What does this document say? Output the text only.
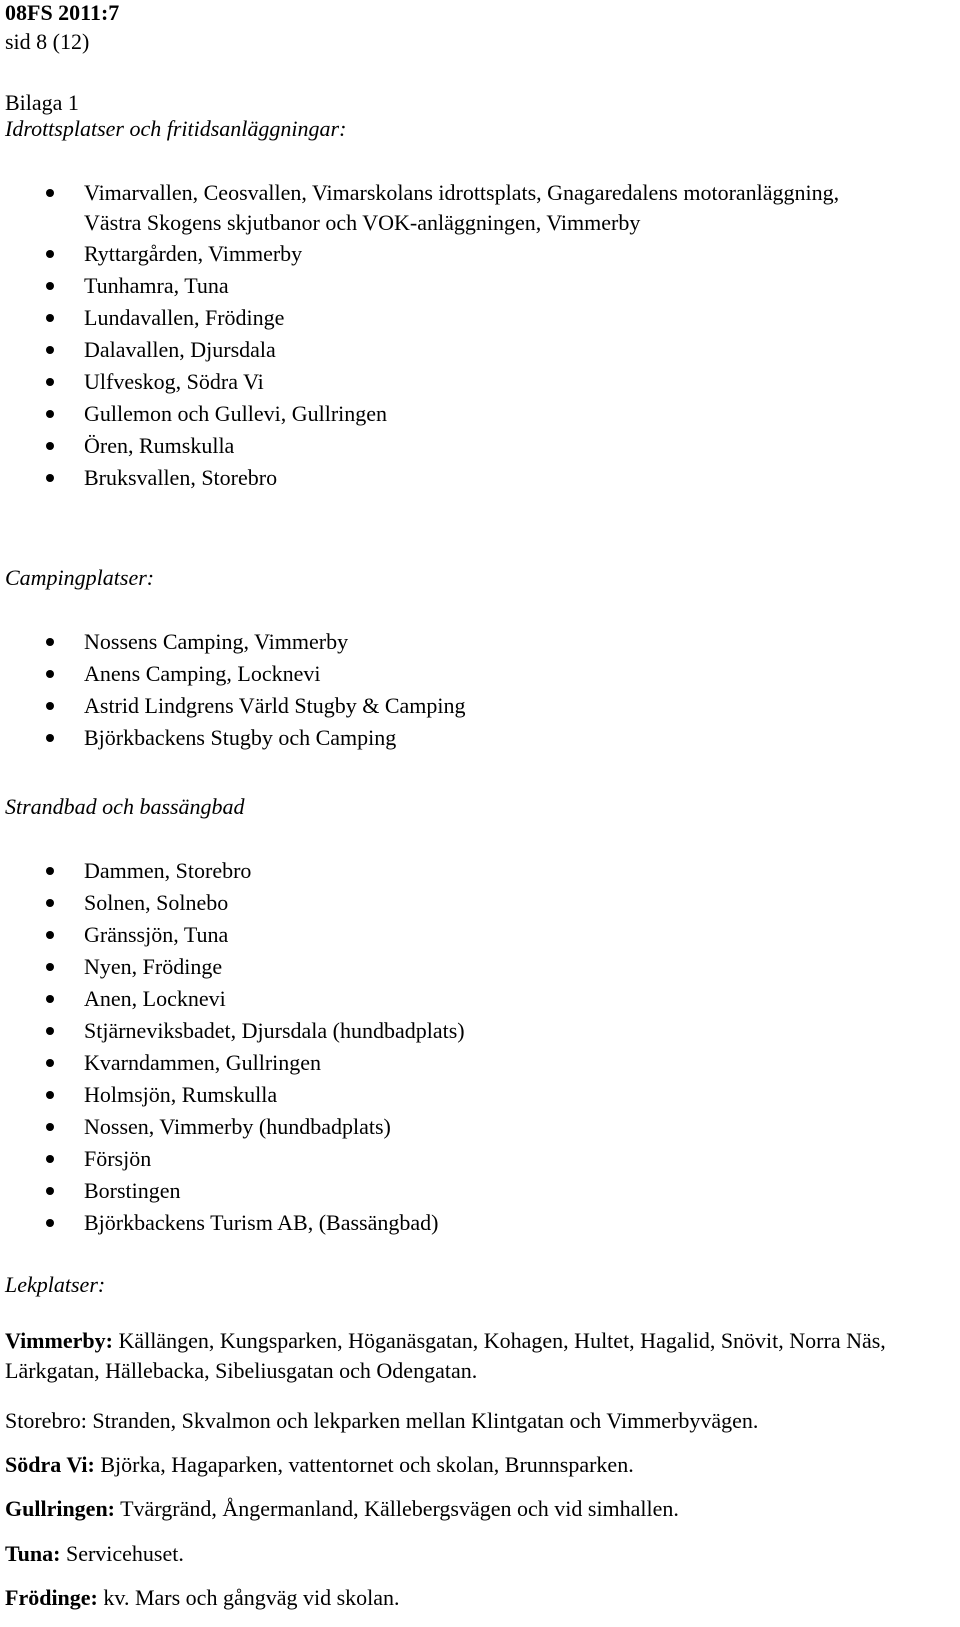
08FS 2011:7
sid 8 (12)
Bilaga 1
Idrottsplatser och fritidsanläggningar:
Vimarvallen, Ceosvallen, Vimarskolans idrottsplats, Gnagaredalens motoranläggning, Västra Skogens skjutbanor och VOK-anläggningen, Vimmerby
Ryttargården, Vimmerby
Tunhamra, Tuna
Lundavallen, Frödinge
Dalavallen, Djursdala
Ulfveskog, Södra Vi
Gullemon och Gullevi, Gullringen
Ören, Rumskulla
Bruksvallen, Storebro
Campingplatser:
Nossens Camping, Vimmerby
Anens Camping, Locknevi
Astrid Lindgrens Värld Stugby & Camping
Björkbackens Stugby och Camping
Strandbad och bassängbad
Dammen, Storebro
Solnen, Solnebo
Gränssjön, Tuna
Nyen, Frödinge
Anen, Locknevi
Stjärneviksbadet, Djursdala (hundbadplats)
Kvarndammen, Gullringen
Holmsjön, Rumskulla
Nossen, Vimmerby (hundbadplats)
Försjön
Borstingen
Björkbackens Turism AB, (Bassängbad)
Lekplatser:
Vimmerby: Källängen, Kungsparken, Höganäsgatan, Kohagen, Hultet, Hagalid, Snövit, Norra Näs, Lärkgatan, Hällebacka, Sibeliusgatan och Odengatan.
Storebro: Stranden, Skvalmon och lekparken mellan Klintgatan och Vimmerbyvägen.
Södra Vi: Björka, Hagaparken, vattentornet och skolan, Brunnsparken.
Gullringen: Tvärgränd, Ångermanland, Källebergsvägen och vid simhallen.
Tuna: Servicehuset.
Frödinge: kv. Mars och gångväg vid skolan.
